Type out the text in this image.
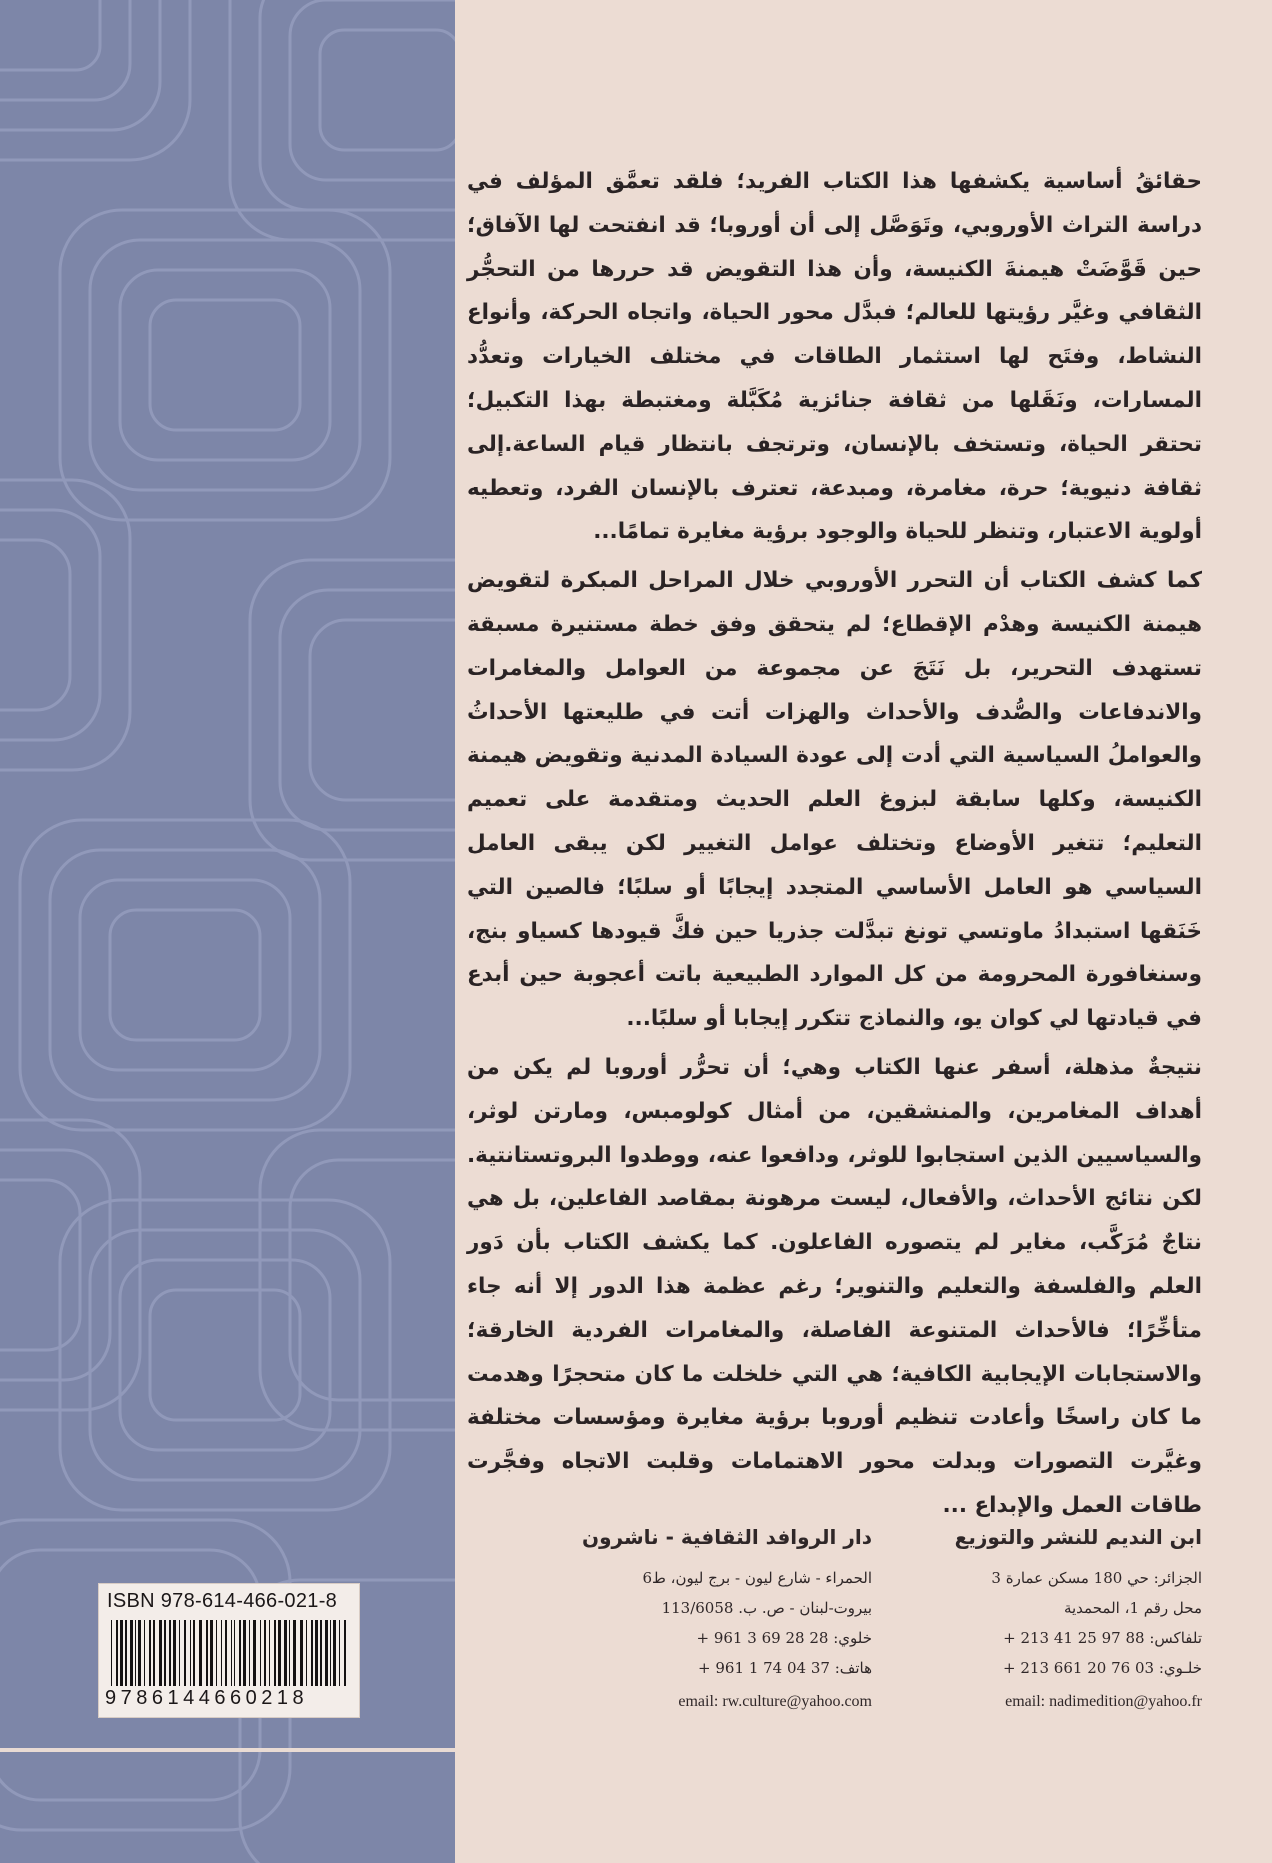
حقائقُ أساسية يكشفها هذا الكتاب الفريد؛ فلقد تعمَّق المؤلف في دراسة التراث الأوروبي، وتَوَصَّل إلى أن أوروبا؛ قد انفتحت لها الآفاق؛ حين قَوَّضَتْ هيمنةَ الكنيسة، وأن هذا التقويض قد حررها من التحجُّر الثقافي وغيَّر رؤيتها للعالم؛ فبدَّل محور الحياة، واتجاه الحركة، وأنواع النشاط، وفتَح لها استثمار الطاقات في مختلف الخيارات وتعدُّد المسارات، ونَقَلها من ثقافة جنائزية مُكَبَّلة ومغتبطة بهذا التكبيل؛ تحتقر الحياة، وتستخف بالإنسان، وترتجف بانتظار قيام الساعة.إلى ثقافة دنيوية؛ حرة، مغامرة، ومبدعة، تعترف بالإنسان الفرد، وتعطيه أولوية الاعتبار، وتنظر للحياة والوجود برؤية مغايرة تمامًا...

كما كشف الكتاب أن التحرر الأوروبي خلال المراحل المبكرة لتقويض هيمنة الكنيسة وهدْم الإقطاع؛ لم يتحقق وفق خطة مستنيرة مسبقة تستهدف التحرير، بل نَتَجَ عن مجموعة من العوامل والمغامرات والاندفاعات والصُّدف والأحداث والهزات أتت في طليعتها الأحداثُ والعواملُ السياسية التي أدت إلى عودة السيادة المدنية وتقويض هيمنة الكنيسة، وكلها سابقة لبزوغ العلم الحديث ومتقدمة على تعميم التعليم؛ تتغير الأوضاع وتختلف عوامل التغيير لكن يبقى العامل السياسي هو العامل الأساسي المتجدد إيجابًا أو سلبًا؛ فالصين التي خَنَقها استبدادُ ماوتسي تونغ تبدَّلت جذريا حين فكَّ قيودها كسياو بنج، وسنغافورة المحرومة من كل الموارد الطبيعية باتت أعجوبة حين أبدع في قيادتها لي كوان يو، والنماذج تتكرر إيجابا أو سلبًا...

نتيجةٌ مذهلة، أسفر عنها الكتاب وهي؛ أن تحرُّر أوروبا لم يكن من أهداف المغامرين، والمنشقين، من أمثال كولومبس، ومارتن لوثر، والسياسيين الذين استجابوا للوثر، ودافعوا عنه، ووطدوا البروتستانتية. لكن نتائج الأحداث، والأفعال، ليست مرهونة بمقاصد الفاعلين، بل هي نتاجٌ مُرَكَّب، مغاير لم يتصوره الفاعلون. كما يكشف الكتاب بأن دَور العلم والفلسفة والتعليم والتنوير؛ رغم عظمة هذا الدور إلا أنه جاء متأخِّرًا؛ فالأحداث المتنوعة الفاصلة، والمغامرات الفردية الخارقة؛ والاستجابات الإيجابية الكافية؛ هي التي خلخلت ما كان متحجرًا وهدمت ما كان راسخًا وأعادت تنظيم أوروبا برؤية مغايرة ومؤسسات مختلفة وغيَّرت التصورات وبدلت محور الاهتمامات وقلبت الاتجاه وفجَّرت طاقات العمل والإبداع ...

ابن النديم للنشر والتوزيع
الجزائر: حي 180 مسكن عمارة 3
محل رقم 1، المحمدية
تلفاكس: 88 97 25 41 213 +
خلـوي: 03 76 20 661 213 +
email: nadimedition@yahoo.fr
دار الروافد الثقافية - ناشرون
الحمراء - شارع ليون - برج ليون، ط6
بيروت-لبنان - ص. ب. 113/6058
خلوي: 28 28 69 3 961 +
هاتف: 37 04 74 1 961 +
email: rw.culture@yahoo.com
ISBN 978-614-466-021-8
9786144660218
